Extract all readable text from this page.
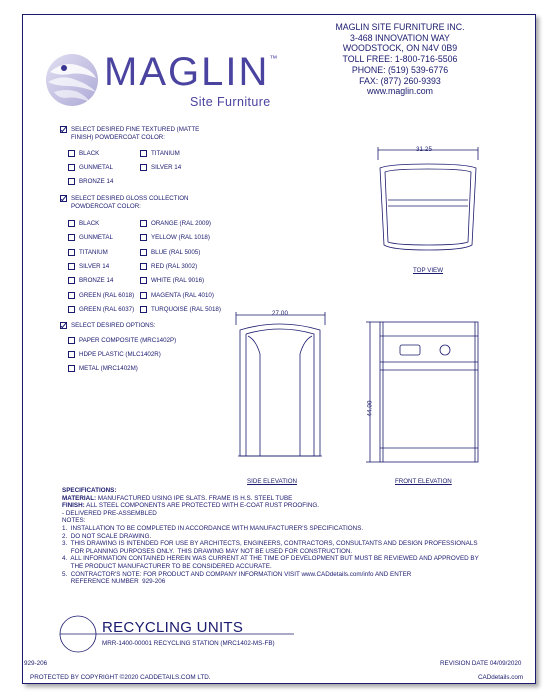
MAGLIN™
Site Furniture
MAGLIN SITE FURNITURE INC.
3-468 INNOVATION WAY
WOODSTOCK, ON N4V 0B9
TOLL FREE: 1-800-716-5506
PHONE: (519) 539-6776
FAX: (877) 260-9393
www.maglin.com
SELECT DESIRED FINE TEXTURED (MATTE
FINISH) POWDERCOAT COLOR:
BLACK
GUNMETAL
BRONZE 14
TITANIUM
SILVER 14
SELECT DESIRED GLOSS COLLECTION
POWDERCOAT COLOR:
BLACK
GUNMETAL
TITANIUM
SILVER 14
BRONZE 14
GREEN (RAL 6018)
GREEN (RAL 6037)
ORANGE (RAL 2009)
YELLOW (RAL 1018)
BLUE (RAL 5005)
RED (RAL 3002)
WHITE (RAL 9016)
MAGENTA (RAL 4010)
TURQUOISE (RAL 5018)
SELECT DESIRED OPTIONS:
PAPER COMPOSITE (MRC1402P)
HDPE PLASTIC (MLC1402R)
METAL (MRC1402M)
31.25
TOP VIEW
27.00
44.00
SIDE ELEVATION	FRONT ELEVATION
SPECIFICATIONS:
MATERIAL: MANUFACTURED USING IPE SLATS. FRAME IS H.S. STEEL TUBE
FINISH: ALL STEEL COMPONENTS ARE PROTECTED WITH E-COAT RUST PROOFING.
- DELIVERED PRE-ASSEMBLED
NOTES:
1.  INSTALLATION TO BE COMPLETED IN ACCORDANCE WITH MANUFACTURER'S SPECIFICATIONS.
2.  DO NOT SCALE DRAWING.
3.  THIS DRAWING IS INTENDED FOR USE BY ARCHITECTS, ENGINEERS, CONTRACTORS, CONSULTANTS AND DESIGN PROFESSIONALS
FOR PLANNING PURPOSES ONLY.  THIS DRAWING MAY NOT BE USED FOR CONSTRUCTION.
4.  ALL INFORMATION CONTAINED HEREIN WAS CURRENT AT THE TIME OF DEVELOPMENT BUT MUST BE REVIEWED AND APPROVED BY
THE PRODUCT MANUFACTURER TO BE CONSIDERED ACCURATE.
5.  CONTRACTOR'S NOTE: FOR PRODUCT AND COMPANY INFORMATION VISIT www.CADdetails.com/info AND ENTER
REFERENCE NUMBER  929-206
RECYCLING UNITS
MRR-1400-00001 RECYCLING STATION (MRC1402-MS-FB)
929-206	REVISION DATE 04/09/2020
PROTECTED BY COPYRIGHT ©2020 CADDETAILS.COM LTD.	CADdetails.com
